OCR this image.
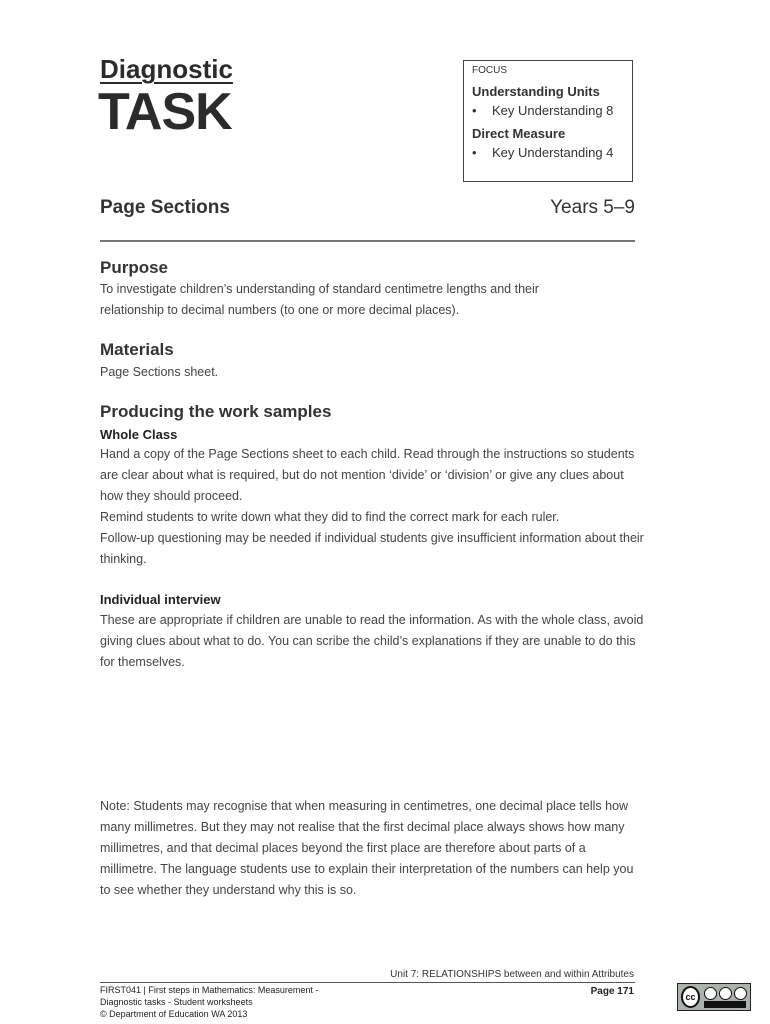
Diagnostic
TASK
FOCUS
Understanding Units
•	Key Understanding 8
Direct Measure
•	Key Understanding 4
Page Sections	Years 5–9
Purpose

To investigate children’s understanding of standard centimetre lengths and their relationship to decimal numbers (to one or more decimal places).

Materials

Page Sections sheet.

Producing the work samples
Whole Class

Hand a copy of the Page Sections sheet to each child. Read through the instructions so students are clear about what is required, but do not mention ‘divide’ or ‘division’ or give any clues about how they should proceed.

Remind students to write down what they did to find the correct mark for each ruler.

Follow-up questioning may be needed if individual students give insufficient information about their thinking.

Individual interview

These are appropriate if children are unable to read the information. As with the whole class, avoid giving clues about what to do. You can scribe the child’s explanations if they are unable to do this for themselves.

Note: Students may recognise that when measuring in centimetres, one decimal place tells how many millimetres. But they may not realise that the first decimal place always shows how many millimetres, and that decimal places beyond the first place are therefore about parts of a millimetre. The language students use to explain their interpretation of the numbers can help you to see whether they understand why this is so.

Unit 7: RELATIONSHIPS between and within Attributes
FIRST041 | First steps in Mathematics: Measurement -
Diagnostic tasks - Student worksheets
© Department of Education WA 2013
Page 171	cc
